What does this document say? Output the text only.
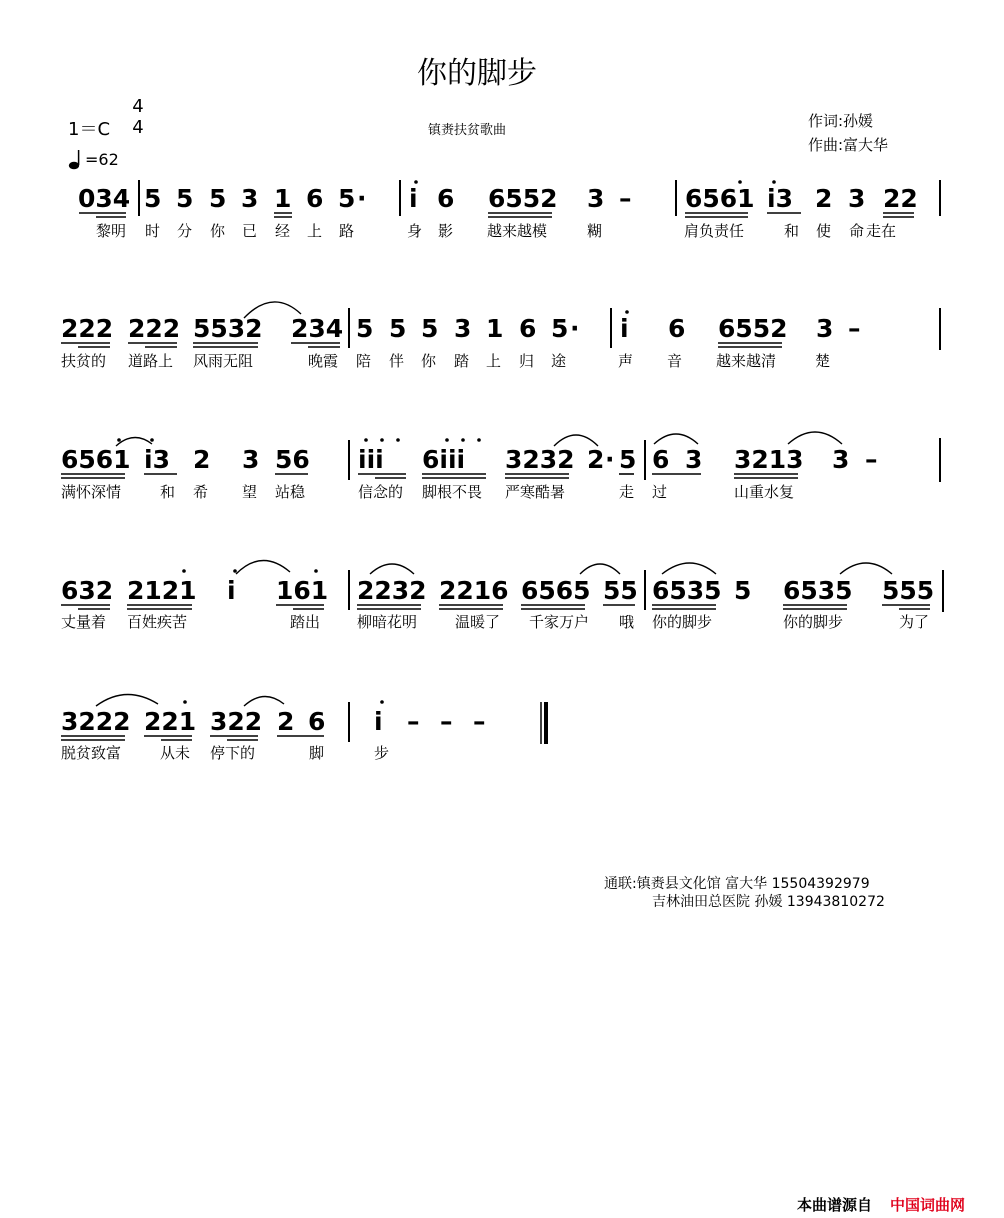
你的脚步
1＝C
4
4
=62
镇赉扶贫歌曲
作词:孙媛
作曲:富大华
034 5 5 5 3 1 6 5 · i 6 6552 3 – 6561 i3 2 3 22
黎明 时 分 你 已 经 上 路	身 影 越来越模	糊	肩负责任	和 使 命 走在
222 222 5532 234 5 5 5 3 1 6 5 · i 6 6552 3 –
扶贫的 道路上 风雨无阻	晚霞 陪 伴 你 踏 上 归 途	声 音 越来越清	楚
6561 i3 2 3 56 iii 6iii 3232 2 · 5 6 3 3213 3 –
满怀深情	和 希 望 站稳	信念的 脚根不畏 严寒酷暑	走 过	山重水复
632 2121 i 161 2232 2216 6565 55 6535 5 6535 555
丈量着 百姓疾苦	踏出 柳暗花明	温暖了 千家万户 哦 你的脚步	你的脚步	为了
3222 221 322 2 6 i – – –
脱贫致富	从未 停下的	脚	步
通联:镇赉县文化馆 富大华 15504392979
吉林油田总医院 孙媛 13943810272
本曲谱源自 中国词曲网
